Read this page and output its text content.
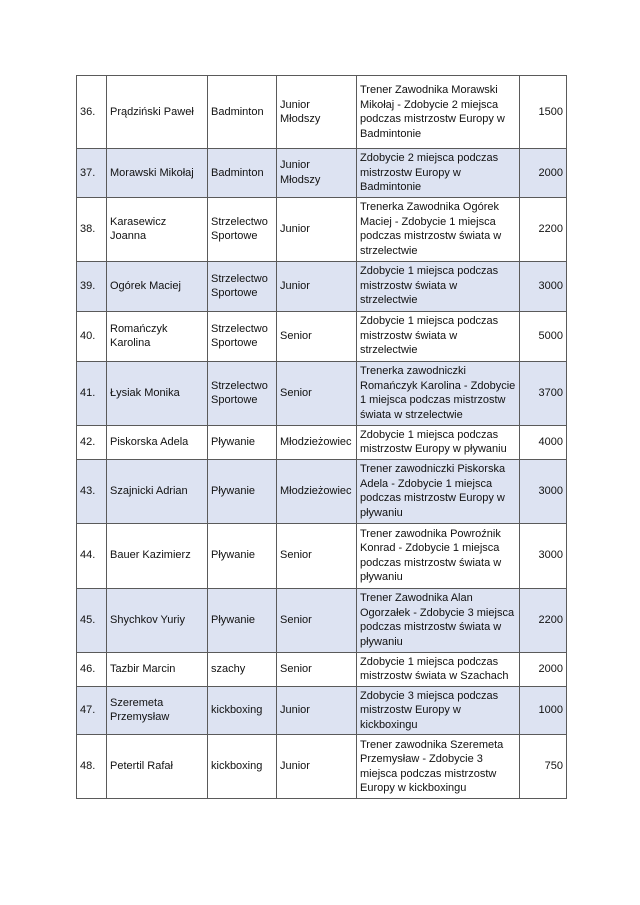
36.	Prądziński Paweł	Badminton	Junior Młodszy	Trener Zawodnika Morawski Mikołaj - Zdobycie 2 miejsca podczas mistrzostw Europy w Badmintonie	1500
37.	Morawski Mikołaj	Badminton	Junior Młodszy	Zdobycie 2 miejsca podczas mistrzostw Europy w Badmintonie	2000
38.	Karasewicz Joanna	Strzelectwo Sportowe	Junior	Trenerka Zawodnika Ogórek Maciej - Zdobycie 1 miejsca podczas mistrzostw świata w strzelectwie	2200
39.	Ogórek Maciej	Strzelectwo Sportowe	Junior	Zdobycie 1 miejsca podczas mistrzostw świata w strzelectwie	3000
40.	Romańczyk Karolina	Strzelectwo Sportowe	Senior	Zdobycie 1 miejsca podczas mistrzostw świata w strzelectwie	5000
41.	Łysiak Monika	Strzelectwo Sportowe	Senior	Trenerka zawodniczki Romańczyk Karolina - Zdobycie 1 miejsca podczas mistrzostw świata w strzelectwie	3700
42.	Piskorska Adela	Pływanie	Młodzieżowiec	Zdobycie 1 miejsca podczas mistrzostw Europy w pływaniu	4000
43.	Szajnicki Adrian	Pływanie	Młodzieżowiec	Trener zawodniczki Piskorska Adela - Zdobycie 1 miejsca podczas mistrzostw Europy w pływaniu	3000
44.	Bauer Kazimierz	Pływanie	Senior	Trener zawodnika Powroźnik Konrad - Zdobycie 1 miejsca podczas mistrzostw świata w pływaniu	3000
45.	Shychkov Yuriy	Pływanie	Senior	Trener Zawodnika Alan Ogorzałek - Zdobycie 3 miejsca podczas mistrzostw świata w pływaniu	2200
46.	Tazbir Marcin	szachy	Senior	Zdobycie 1 miejsca podczas mistrzostw świata w Szachach	2000
47.	Szeremeta Przemysław	kickboxing	Junior	Zdobycie 3 miejsca podczas mistrzostw Europy w kickboxingu	1000
48.	Petertil Rafał	kickboxing	Junior	Trener zawodnika Szeremeta Przemysław - Zdobycie 3 miejsca podczas mistrzostw Europy w kickboxingu	750
